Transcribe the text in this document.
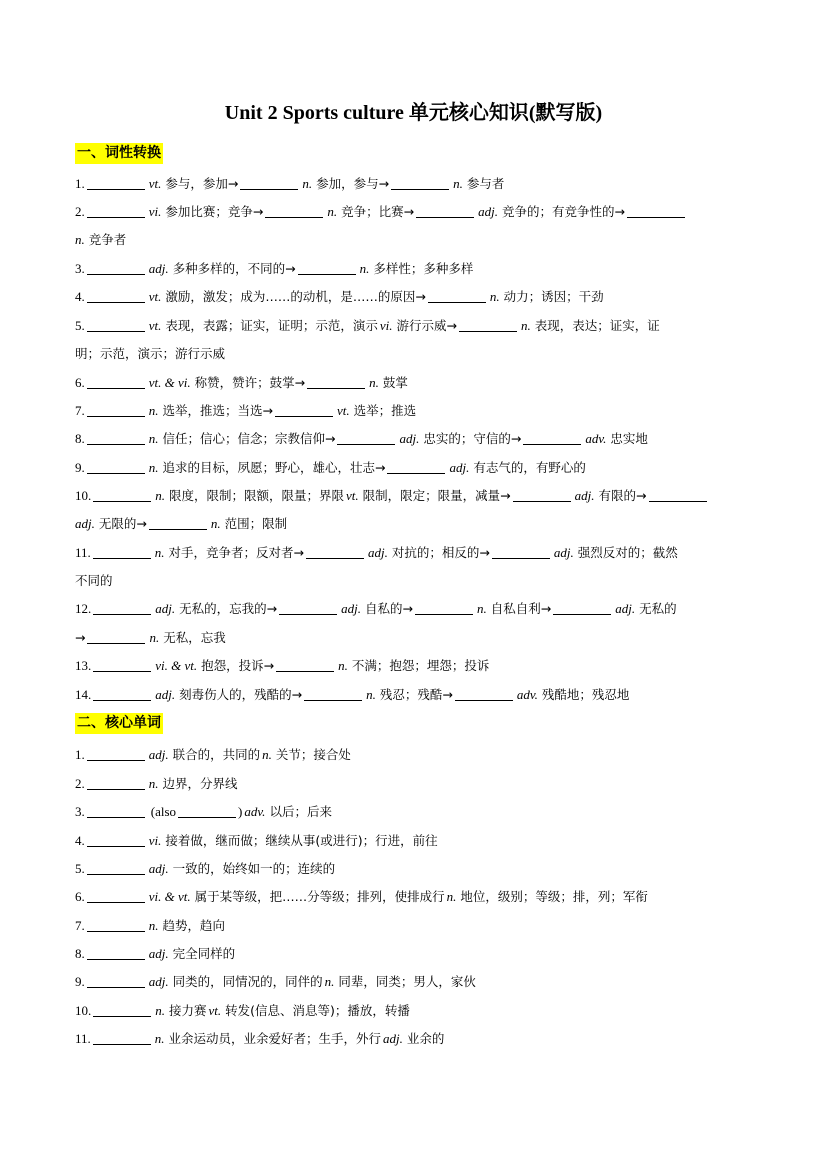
Unit 2 Sports culture 单元核心知识(默写版)
一、词性转换
1.	vt. 参与，参加→	n. 参加，参与→	n. 参与者
2.	vi. 参加比赛；竞争→	n. 竞争；比赛→	adj. 竞争的；有竞争性的→
n. 竞争者
3.	adj. 多种多样的，不同的→	n. 多样性；多种多样
4.	vt. 激励，激发；成为……的动机，是……的原因→	n. 动力；诱因；干劲
5.	vt. 表现，表露；证实，证明；示范，演示 vi. 游行示威→	n. 表现，表达；证实，证
明；示范，演示；游行示威
6.	vt. & vi. 称赞，赞许；鼓掌→	n. 鼓掌
7.	n. 选举，推选；当选→	vt. 选举；推选
8.	n. 信任；信心；信念；宗教信仰→	adj. 忠实的；守信的→	adv. 忠实地
9.	n. 追求的目标，夙愿；野心，雄心，壮志→	adj. 有志气的，有野心的
10.	n. 限度，限制；限额，限量；界限 vt. 限制，限定；限量，减量→	adj. 有限的→
adj. 无限的→	n. 范围；限制
11.	n. 对手，竞争者；反对者→	adj. 对抗的；相反的→	adj. 强烈反对的；截然
不同的
12.	adj. 无私的，忘我的→	adj. 自私的→	n. 自私自利→	adj. 无私的
→	n. 无私，忘我
13.	vi. & vt. 抱怨，投诉→	n. 不满；抱怨；埋怨；投诉
14.	adj. 刻毒伤人的，残酷的→	n. 残忍；残酷→	adv. 残酷地；残忍地
二、核心单词
1.	adj. 联合的，共同的 n. 关节；接合处
2.	n. 边界，分界线
3.	(also	) adv. 以后；后来
4.	vi. 接着做，继而做；继续从事(或进行)；行进，前往
5.	adj. 一致的，始终如一的；连续的
6.	vi. & vt. 属于某等级，把……分等级；排列，使排成行 n. 地位，级别；等级；排，列；军衔
7.	n. 趋势，趋向
8.	adj. 完全同样的
9.	adj. 同类的，同情况的，同伴的 n. 同辈，同类；男人，家伙
10.	n. 接力赛 vt. 转发(信息、消息等)；播放，转播
11.	n. 业余运动员，业余爱好者；生手，外行 adj. 业余的
